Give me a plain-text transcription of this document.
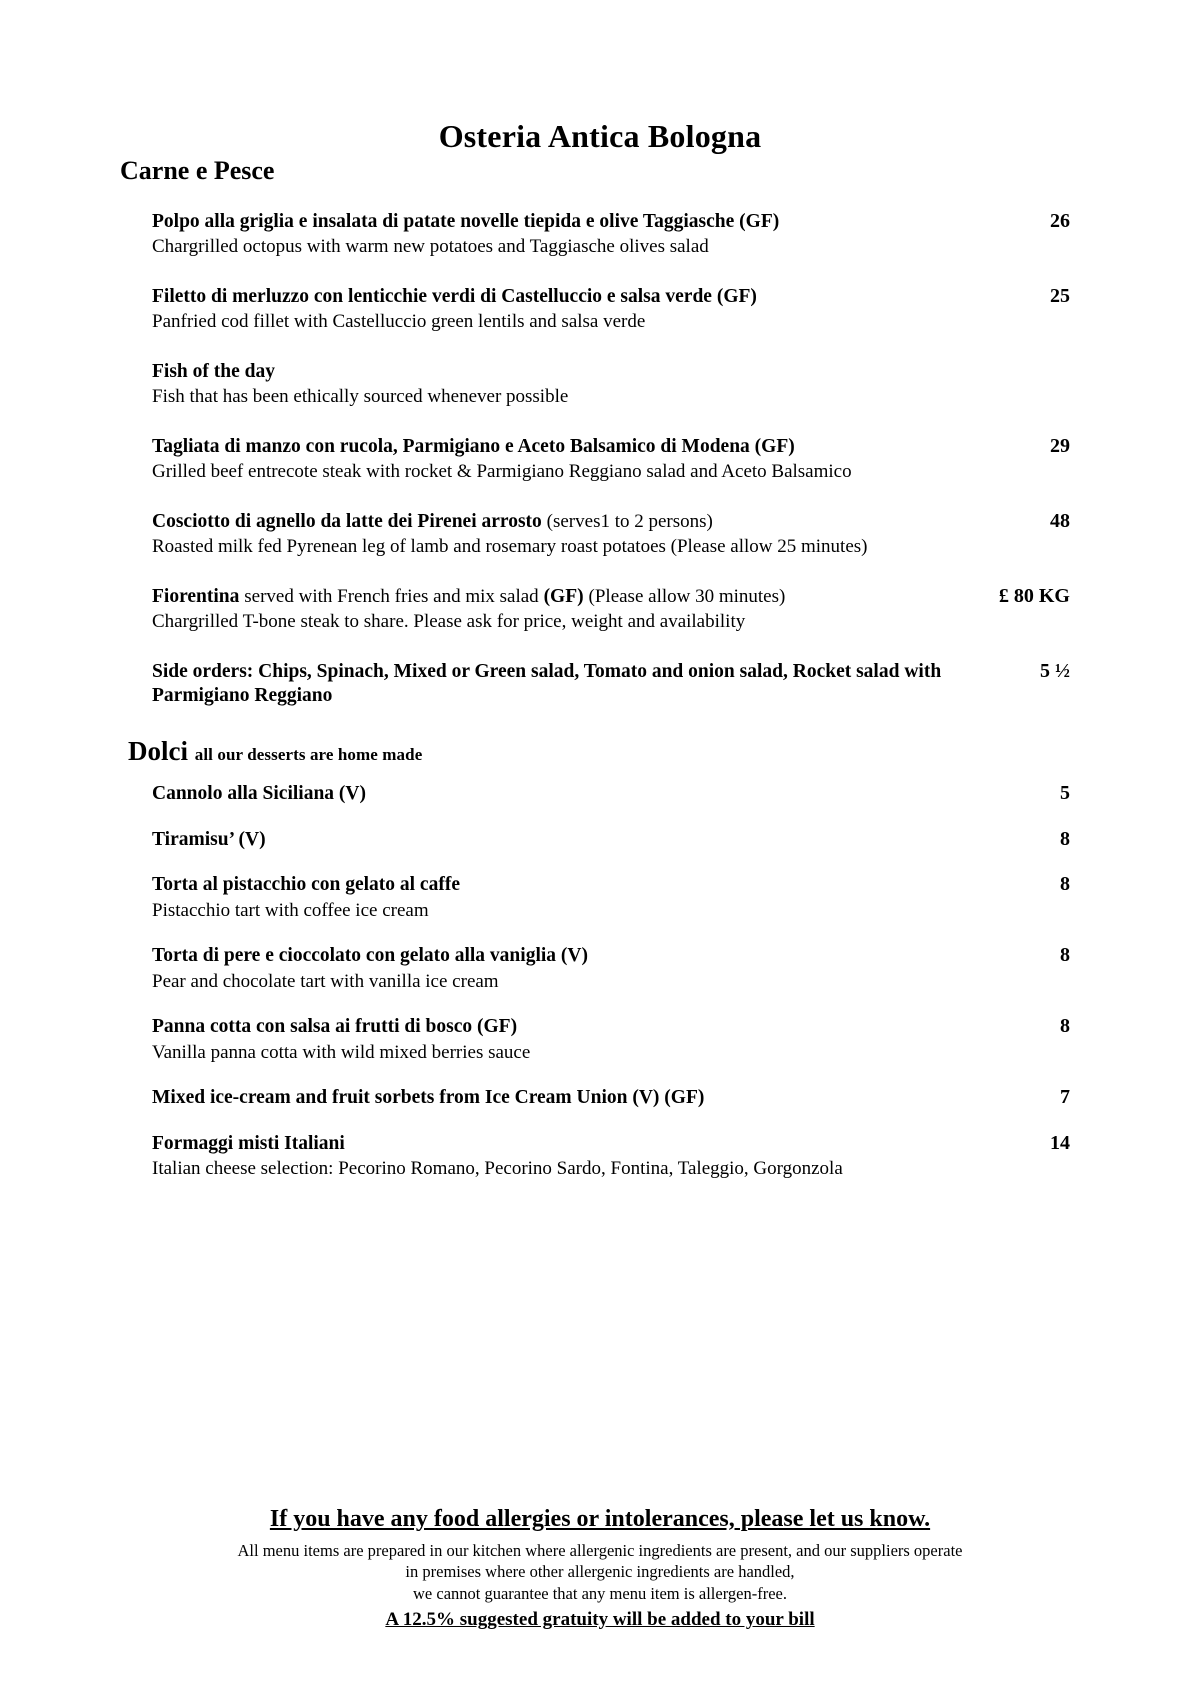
Osteria Antica Bologna
Carne e Pesce
Polpo alla griglia e insalata di patate novelle tiepida e olive Taggiasche (GF)	26
Chargrilled octopus with warm new potatoes and Taggiasche olives salad
Filetto di merluzzo con lenticchie verdi di Castelluccio e salsa verde (GF)	25
Panfried cod fillet with Castelluccio green lentils and salsa verde
Fish of the day
Fish that has been ethically sourced whenever possible
Tagliata di manzo con rucola, Parmigiano e Aceto Balsamico di Modena (GF)	29
Grilled beef entrecote steak with rocket & Parmigiano Reggiano salad and Aceto Balsamico
Cosciotto di agnello da latte dei Pirenei arrosto (serves1 to 2 persons)	48
Roasted milk fed Pyrenean leg of lamb and rosemary roast potatoes (Please allow 25 minutes)
Fiorentina served with French fries and mix salad (GF) (Please allow 30 minutes)	£ 80 KG
Chargrilled T-bone steak to share. Please ask for price, weight and availability
Side orders: Chips, Spinach, Mixed or Green salad, Tomato and onion salad, Rocket salad with Parmigiano Reggiano
5 ½
Dolci all our desserts are home made
Cannolo alla Siciliana (V)	5
Tiramisu’ (V)	8
Torta al pistacchio con gelato al caffe	8
Pistacchio tart with coffee ice cream
Torta di pere e cioccolato con gelato alla vaniglia (V)	8
Pear and chocolate tart with vanilla ice cream
Panna cotta con salsa ai frutti di bosco (GF)	8
Vanilla panna cotta with wild mixed berries sauce
Mixed ice-cream and fruit sorbets from Ice Cream Union (V) (GF)	7
Formaggi misti Italiani	14
Italian cheese selection: Pecorino Romano, Pecorino Sardo, Fontina, Taleggio, Gorgonzola
If you have any food allergies or intolerances, please let us know.
All menu items are prepared in our kitchen where allergenic ingredients are present, and our suppliers operate
in premises where other allergenic ingredients are handled,
we cannot guarantee that any menu item is allergen-free.
A 12.5% suggested gratuity will be added to your bill
